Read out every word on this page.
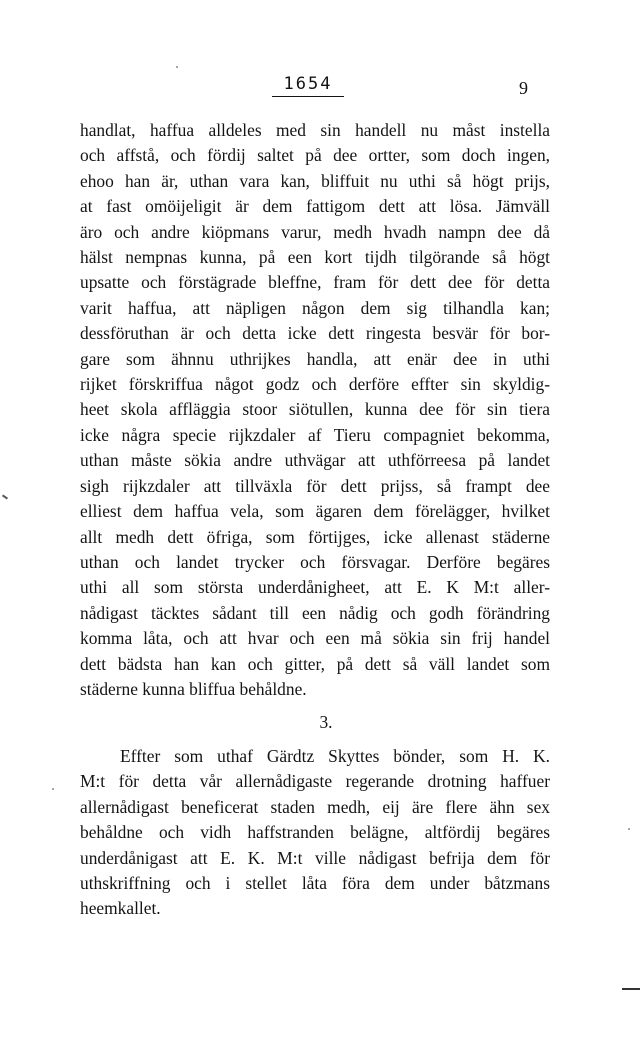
1654	9
handlat, haffua alldeles med sin handell nu måst instella
och affstå, och fördij saltet på dee ortter, som doch ingen,
ehoo han är, uthan vara kan, bliffuit nu uthi så högt prijs,
at fast omöijeligit är dem fattigom dett att lösa. Jämväll
äro och andre kiöpmans varur, medh hvadh nampn dee då
hälst nempnas kunna, på een kort tijdh tilgörande så högt
upsatte och förstägrade bleffne, fram för dett dee för detta
varit haffua, att näpligen någon dem sig tilhandla kan;
dessföruthan är och detta icke dett ringesta besvär för bor-
gare som ähnnu uthrijkes handla, att enär dee in uthi
rijket förskriffua något godz och derföre effter sin skyldig-
heet skola affläggia stoor siötullen, kunna dee för sin tiera
icke några specie rijkzdaler af Tieru compagniet bekomma,
uthan måste sökia andre uthvägar att uthförreesa på landet
sigh rijkzdaler att tillväxla för dett prijss, så frampt dee
elliest dem haffua vela, som ägaren dem förelägger, hvilket
allt medh dett öfriga, som förtijges, icke allenast städerne
uthan och landet trycker och försvagar. Derföre begäres
uthi all som största underdånigheet, att E. K M:t aller-
nådigast täcktes sådant till een nådig och godh förändring
komma låta, och att hvar och een må sökia sin frij handel
dett bädsta han kan och gitter, på dett så väll landet som
städerne kunna bliffua behåldne.
3.
Effter som uthaf Gärdtz Skyttes bönder, som H. K.
M:t för detta vår allernådigaste regerande drotning haffuer
allernådigast beneficerat staden medh, eij äre flere ähn sex
behåldne och vidh haffstranden belägne, altfördij begäres
underdånigast att E. K. M:t ville nådigast befrija dem för
uthskriffning och i stellet låta föra dem under båtzmans
heemkallet.
